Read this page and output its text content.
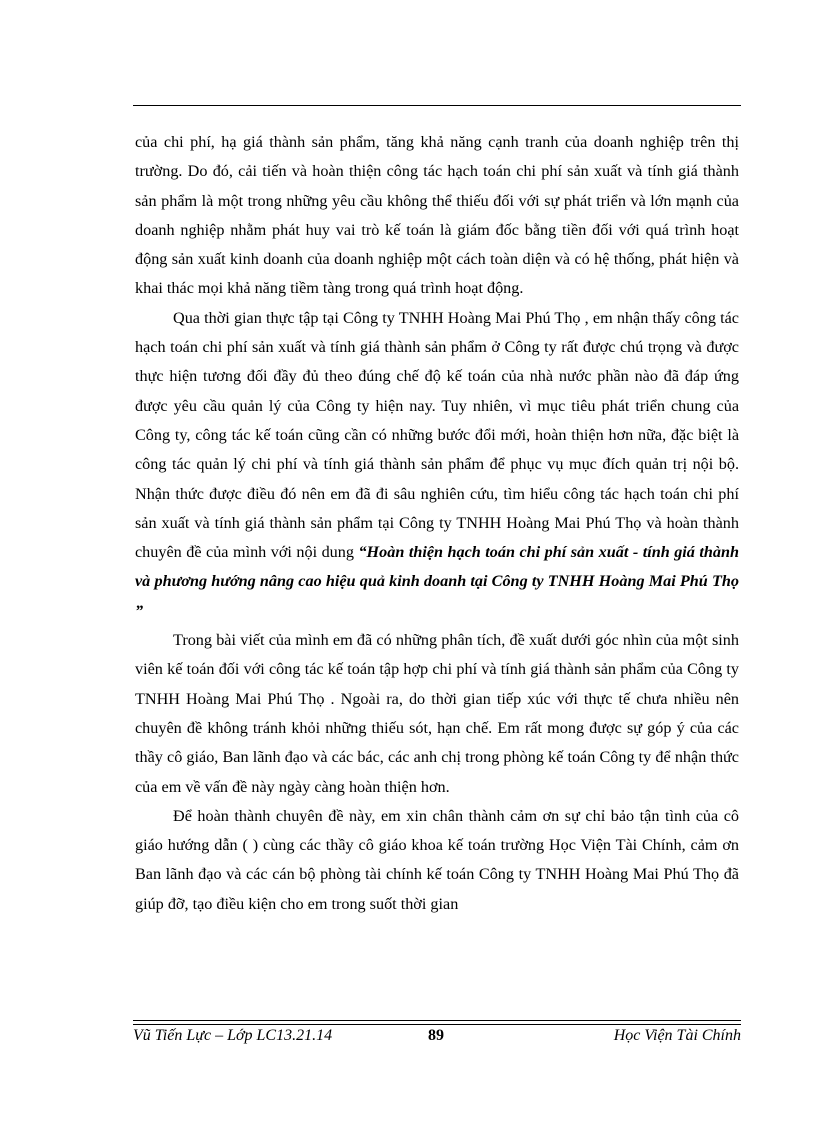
của chi phí, hạ giá thành sản phẩm, tăng khả năng cạnh tranh của doanh nghiệp trên thị trường. Do đó, cải tiến và hoàn thiện công tác hạch toán chi phí sản xuất và tính giá thành sản phẩm là một trong những yêu cầu không thể thiếu đối với sự phát triển và lớn mạnh của doanh nghiệp nhằm phát huy vai trò kế toán là giám đốc bằng tiền đối với quá trình hoạt động sản xuất kinh doanh của doanh nghiệp một cách toàn diện và có hệ thống, phát hiện và khai thác mọi khả năng tiềm tàng trong quá trình hoạt động.

Qua thời gian thực tập tại Công ty TNHH Hoàng Mai Phú Thọ , em nhận thấy công tác hạch toán chi phí sản xuất và tính giá thành sản phẩm ở Công ty rất được chú trọng và được thực hiện tương đối đầy đủ theo đúng chế độ kế toán của nhà nước phần nào đã đáp ứng được yêu cầu quản lý của Công ty hiện nay. Tuy nhiên, vì mục tiêu phát triển chung của Công ty, công tác kế toán cũng cần có những bước đổi mới, hoàn thiện hơn nữa, đặc biệt là công tác quản lý chi phí và tính giá thành sản phẩm để phục vụ mục đích quản trị nội bộ. Nhận thức được điều đó nên em đã đi sâu nghiên cứu, tìm hiểu công tác hạch toán chi phí sản xuất và tính giá thành sản phẩm tại Công ty TNHH Hoàng Mai Phú Thọ và hoàn thành chuyên đề của mình với nội dung “Hoàn thiện hạch toán chi phí sản xuất - tính giá thành và phương hướng nâng cao hiệu quả kinh doanh tại Công ty TNHH Hoàng Mai Phú Thọ ”

Trong bài viết của mình em đã có những phân tích, đề xuất dưới góc nhìn của một sinh viên kế toán đối với công tác kế toán tập hợp chi phí và tính giá thành sản phẩm của Công ty TNHH Hoàng Mai Phú Thọ . Ngoài ra, do thời gian tiếp xúc với thực tế chưa nhiều nên chuyên đề không tránh khỏi những thiếu sót, hạn chế. Em rất mong được sự góp ý của các thầy cô giáo, Ban lãnh đạo và các bác, các anh chị trong phòng kế toán Công ty để nhận thức của em về vấn đề này ngày càng hoàn thiện hơn.

Để hoàn thành chuyên đề này, em xin chân thành cảm ơn sự chỉ bảo tận tình của cô giáo hướng dẫn ( ) cùng các thầy cô giáo khoa kế toán trường Học Viện Tài Chính, cảm ơn Ban lãnh đạo và các cán bộ phòng tài chính kế toán Công ty TNHH Hoàng Mai Phú Thọ đã giúp đỡ, tạo điều kiện cho em trong suốt thời gian

Vũ Tiến Lực – Lớp LC13.21.14	89	Học Viện Tài Chính
